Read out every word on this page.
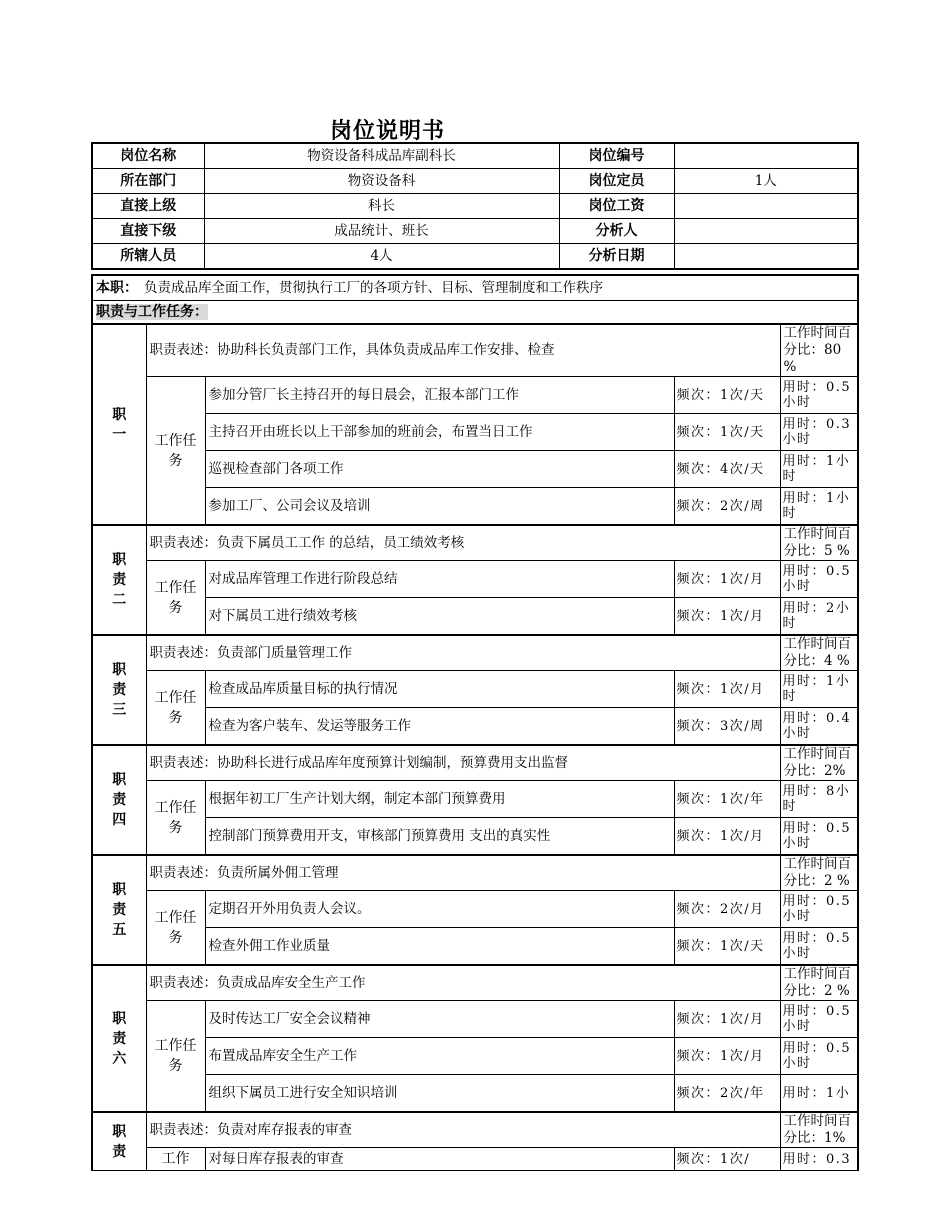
岗位说明书
岗位名称	物资设备科成品库副科长	岗位编号	
所在部门	物资设备科	岗位定员	1人
直接上级	科长	岗位工资	
直接下级	成品统计、班长	分析人	
所辖人员	4人	分析日期	
本职： 负责成品库全面工作，贯彻执行工厂的各项方针、目标、管理制度和工作秩序				
职责与工作任务：				

职一	职责表述：协助科长负责部门工作，具体负责成品库工作安排、检查			工作时间百分比：80 %
	工作任务	参加分管厂长主持召开的每日晨会，汇报本部门工作	频次：1次/天	用时：0.5小时
		主持召开由班长以上干部参加的班前会，布置当日工作	频次：1次/天	用时：0.3小时
		巡视检查部门各项工作	频次：4次/天	用时：1小时
		参加工厂、公司会议及培训	频次：2次/周	用时：1小时

职责二	职责表述：负责下属员工工作 的总结，员工绩效考核			工作时间百分比：5 %
	工作任务	对成品库管理工作进行阶段总结	频次：1次/月	用时：0.5小时
		对下属员工进行绩效考核	频次：1次/月	用时：2小时

职责三	职责表述：负责部门质量管理工作			工作时间百分比：4 %
	工作任务	检查成品库质量目标的执行情况	频次：1次/月	用时：1小时
		检查为客户装车、发运等服务工作	频次：3次/周	用时：0.4小时

职责四	职责表述：协助科长进行成品库年度预算计划编制，预算费用支出监督			工作时间百分比：2%
	工作任务	根据年初工厂生产计划大纲，制定本部门预算费用	频次：1次/年	用时：8小时
		控制部门预算费用开支，审核部门预算费用 支出的真实性	频次：1次/月	用时：0.5小时

职责五	职责表述：负责所属外佣工管理			工作时间百分比：2 %
	工作任务	定期召开外用负责人会议。	频次：2次/月	用时：0.5小时
		检查外佣工作业质量	频次：1次/天	用时：0.5小时

职责六	职责表述：负责成品库安全生产工作			工作时间百分比：2 %
	工作任务	及时传达工厂安全会议精神	频次：1次/月	用时：0.5小时
		布置成品库安全生产工作	频次：1次/月	用时：0.5小时
		组织下属员工进行安全知识培训	频次：2次/年	用时：1小

职责	职责表述：负责对库存报表的审查			工作时间百分比：1%
	工作	对每日库存报表的审查	频次：1次/	用时：0.3
